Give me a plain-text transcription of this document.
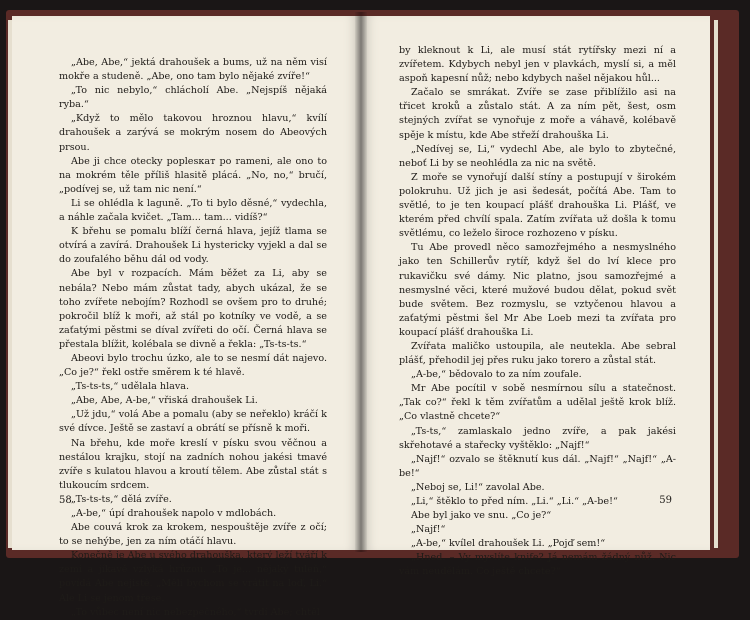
„Abe, Abe,“ jektá drahoušek a bums, už na něm visí mokře a studeně. „Abe, ono tam bylo nějaké zvíře!“

„To nic nebylo,“ chlácholí Abe. „Nejspíš nějaká ryba.“

„Když to mělo takovou hroznou hlavu,“ kvílí drahoušek a zarývá se mokrým nosem do Abeových prsou.

Abe ji chce otecky poplesкат po rameni, ale ono to na mokrém těle příliš hlasitě plácá. „No, no,“ bručí, „podívej se, už tam nic není.“

Li se ohlédla k laguně. „To ti bylo děsné,“ vydechla, a náhle začala kvičet. „Tam... tam... vidíš?“

K břehu se pomalu blíží černá hlava, jejíž tlama se otvírá a zavírá. Drahoušek Li hystericky vyjekl a dal se do zoufalého běhu dál od vody.

Abe byl v rozpacích. Mám běžet za Li, aby se nebála? Nebo mám zůstat tady, abych ukázal, že se toho zvířete nebojím? Rozhodl se ovšem pro to druhé; pokročil blíž k moři, až stál po kotníky ve vodě, a se zaťatými pěstmi se díval zvířeti do očí. Černá hlava se přestala blížit, kolébala se divně a řekla: „Ts-ts-ts.“

Abeovi bylo trochu úzko, ale to se nesmí dát najevo. „Co je?“ řekl ostře směrem k té hlavě.

„Ts-ts-ts,“ udělala hlava.

„Abe, Abe, A-be,“ vřiská drahoušek Li.

„Už jdu,“ volá Abe a pomalu (aby se neřeklo) kráčí k své dívce. Ještě se zastaví a obrátí se přísně k moři.

Na břehu, kde moře kreslí v písku svou věčnou a nestálou krajku, stojí na zadních nohou jakési tmavé zvíře s kulatou hlavou a kroutí tělem. Abe zůstal stát s tlukoucím srdcem.

„Ts-ts-ts,“ dělá zvíře.

„A-be,“ úpí drahoušek napolo v mdlobách.

Abe couvá krok za krokem, nespouštěje zvíře z očí; to se nehýbe, jen za ním otáčí hlavu.

Konečně je Abe u svého drahouška, který leží tváří k zemi a jíkavě vzlyká hrůzou. „To je... nějaký tuleň,“ povídá Abe nejistě. „Měli bychom se vrátit na loď, Li.“ Ale Li se jenom třese.

„To vůbec není nic nebezpečného,“ tvrdí Abe; chtěl

58

by kleknout k Li, ale musí stát rytířsky mezi ní a zvířetem. Kdybych nebyl jen v plavkách, myslí si, a měl aspoň kapesní nůž; nebo kdybych našel nějakou hůl...

Začalo se smrákat. Zvíře se zase přiblížilo asi na třicet kroků a zůstalo stát. A za ním pět, šest, osm stejných zvířat se vynořuje z moře a váhavě, kolébavě spěje k místu, kde Abe střeží drahouška Li.

„Nedívej se, Li,“ vydechl Abe, ale bylo to zbytečné, neboť Li by se neohlédla za nic na světě.

Z moře se vynořují další stíny a postupují v širokém polokruhu. Už jich je asi šedesát, počítá Abe. Tam to světlé, to je ten koupací plášť drahouška Li. Plášť, ve kterém před chvílí spala. Zatím zvířata už došla k tomu světlému, co leželo široce rozhozeno v písku.

Tu Abe provedl něco samozřejmého a nesmyslného jako ten Schillerův rytíř, když šel do lví klece pro rukavičku své dámy. Nic platno, jsou samozřejmé a nesmyslné věci, které mužové budou dělat, pokud svět bude světem. Bez rozmyslu, se vztyčenou hlavou a zaťatými pěstmi šel Mr Abe Loeb mezi ta zvířata pro koupací plášť drahouška Li.

Zvířata maličko ustoupila, ale neutekla. Abe sebral plášť, přehodil jej přes ruku jako torero a zůstal stát.

„A-be,“ bědovalo to za ním zoufale.

Mr Abe pocítil v sobě nesmírnou sílu a statečnost. „Tak co?“ řekl k těm zvířatům a udělal ještě krok blíž. „Co vlastně chcete?“

„Ts-ts,“ zamlaskalo jedno zvíře, a pak jakési skřehotavé a stařecky vyštěklo: „Najf!“

„Najf!“ ozvalo se štěknutí kus dál. „Najf!“ „Najf!“ „A-be!“

„Neboj se, Li!“ zavolal Abe.

„Li,“ štěklo to před ním. „Li.“ „Li.“ „A-be!“

Abe byl jako ve snu. „Co je?“

„Najf!“

„A-be,“ kvílel drahoušek Li. „Pojď sem!“

„Hned. – Vy myslíte knife? Já nemám žádný nůž. Nic vám neudělám. Co ještě chcete?“

59
